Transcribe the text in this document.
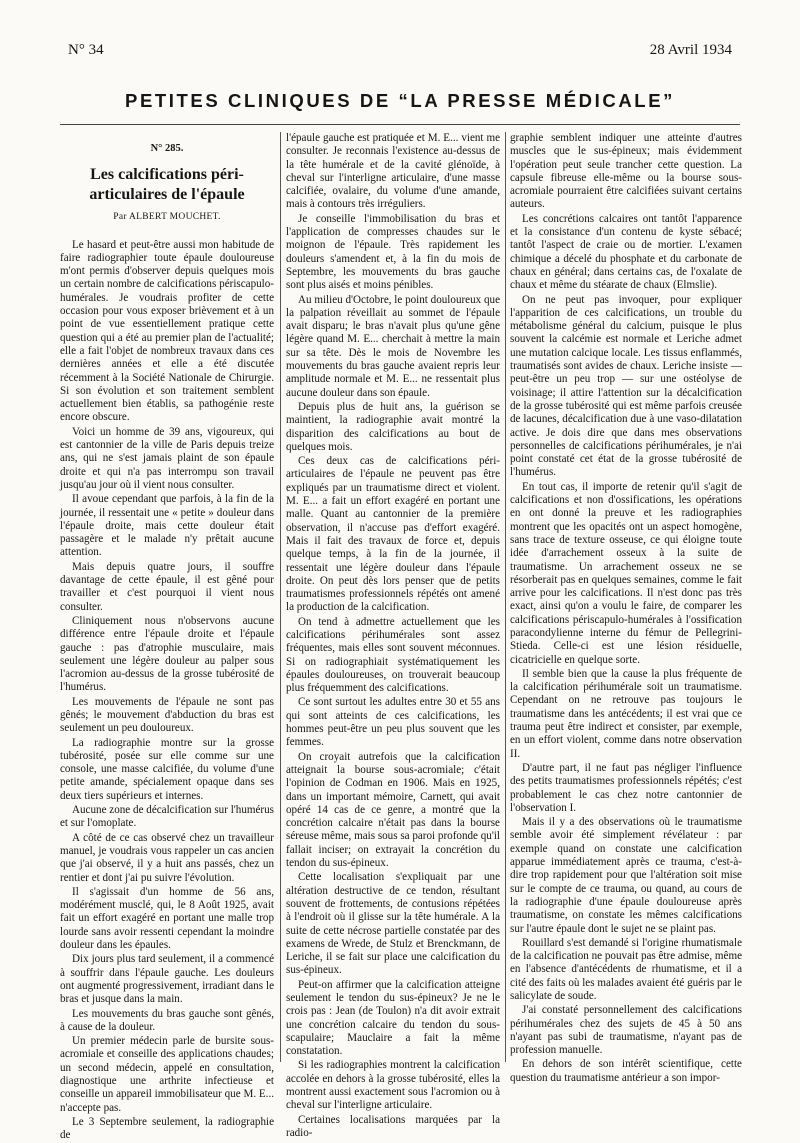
N° 34	28 Avril 1934
PETITES CLINIQUES DE “LA PRESSE MÉDICALE”
N° 285.
Les calcifications péri-articulaires de l'épaule
Par ALBERT MOUCHET.

Le hasard et peut-être aussi mon habitude de faire radiographier toute épaule douloureuse m'ont permis d'observer depuis quelques mois un certain nombre de calcifications périscapulo-humérales. Je voudrais profiter de cette occasion pour vous exposer brièvement et à un point de vue essentiellement pratique cette question qui a été au premier plan de l'actualité; elle a fait l'objet de nombreux travaux dans ces dernières années et elle a été discutée récemment à la Société Nationale de Chirurgie. Si son évolution et son traitement semblent actuellement bien établis, sa pathogénie reste encore obscure.

Voici un homme de 39 ans, vigoureux, qui est cantonnier de la ville de Paris depuis treize ans, qui ne s'est jamais plaint de son épaule droite et qui n'a pas interrompu son travail jusqu'au jour où il vient nous consulter.

Il avoue cependant que parfois, à la fin de la journée, il ressentait une « petite » douleur dans l'épaule droite, mais cette douleur était passagère et le malade n'y prêtait aucune attention.

Mais depuis quatre jours, il souffre davantage de cette épaule, il est gêné pour travailler et c'est pourquoi il vient nous consulter.

Cliniquement nous n'observons aucune différence entre l'épaule droite et l'épaule gauche : pas d'atrophie musculaire, mais seulement une légère douleur au palper sous l'acromion au-dessus de la grosse tubérosité de l'humérus.

Les mouvements de l'épaule ne sont pas gênés; le mouvement d'abduction du bras est seulement un peu douloureux.

La radiographie montre sur la grosse tubérosité, posée sur elle comme sur une console, une masse calcifiée, du volume d'une petite amande, spécialement opaque dans ses deux tiers supérieurs et internes.

Aucune zone de décalcification sur l'humérus et sur l'omoplate.

A côté de ce cas observé chez un travailleur manuel, je voudrais vous rappeler un cas ancien que j'ai observé, il y a huit ans passés, chez un rentier et dont j'ai pu suivre l'évolution.

Il s'agissait d'un homme de 56 ans, modérément musclé, qui, le 8 Août 1925, avait fait un effort exagéré en portant une malle trop lourde sans avoir ressenti cependant la moindre douleur dans les épaules.

Dix jours plus tard seulement, il a commencé à souffrir dans l'épaule gauche. Les douleurs ont augmenté progressivement, irradiant dans le bras et jusque dans la main.

Les mouvements du bras gauche sont gênés, à cause de la douleur.

Un premier médecin parle de bursite sous-acromiale et conseille des applications chaudes; un second médecin, appelé en consultation, diagnostique une arthrite infectieuse et conseille un appareil immobilisateur que M. E... n'accepte pas.

Le 3 Septembre seulement, la radiographie de

l'épaule gauche est pratiquée et M. E... vient me consulter. Je reconnais l'existence au-dessus de la tête humérale et de la cavité glénoïde, à cheval sur l'interligne articulaire, d'une masse calcifiée, ovalaire, du volume d'une amande, mais à contours très irréguliers.

Je conseille l'immobilisation du bras et l'application de compresses chaudes sur le moignon de l'épaule. Très rapidement les douleurs s'amendent et, à la fin du mois de Septembre, les mouvements du bras gauche sont plus aisés et moins pénibles.

Au milieu d'Octobre, le point douloureux que la palpation réveillait au sommet de l'épaule avait disparu; le bras n'avait plus qu'une gêne légère quand M. E... cherchait à mettre la main sur sa tête. Dès le mois de Novembre les mouvements du bras gauche avaient repris leur amplitude normale et M. E... ne ressentait plus aucune douleur dans son épaule.

Depuis plus de huit ans, la guérison se maintient, la radiographie avait montré la disparition des calcifications au bout de quelques mois.

Ces deux cas de calcifications péri-articulaires de l'épaule ne peuvent pas être expliqués par un traumatisme direct et violent. M. E... a fait un effort exagéré en portant une malle. Quant au cantonnier de la première observation, il n'accuse pas d'effort exagéré. Mais il fait des travaux de force et, depuis quelque temps, à la fin de la journée, il ressentait une légère douleur dans l'épaule droite. On peut dès lors penser que de petits traumatismes professionnels répétés ont amené la production de la calcification.

On tend à admettre actuellement que les calcifications périhumérales sont assez fréquentes, mais elles sont souvent méconnues. Si on radiographiait systématiquement les épaules douloureuses, on trouverait beaucoup plus fréquemment des calcifications.

Ce sont surtout les adultes entre 30 et 55 ans qui sont atteints de ces calcifications, les hommes peut-être un peu plus souvent que les femmes.

On croyait autrefois que la calcification atteignait la bourse sous-acromiale; c'était l'opinion de Codman en 1906. Mais en 1925, dans un important mémoire, Carnett, qui avait opéré 14 cas de ce genre, a montré que la concrétion calcaire n'était pas dans la bourse séreuse même, mais sous sa paroi profonde qu'il fallait inciser; on extrayait la concrétion du tendon du sus-épineux.

Cette localisation s'expliquait par une altération destructive de ce tendon, résultant souvent de frottements, de contusions répétées à l'endroit où il glisse sur la tête humérale. A la suite de cette nécrose partielle constatée par des examens de Wrede, de Stulz et Brenckmann, de Leriche, il se fait sur place une calcification du sus-épineux.

Peut-on affirmer que la calcification atteigne seulement le tendon du sus-épineux? Je ne le crois pas : Jean (de Toulon) n'a dit avoir extrait une concrétion calcaire du tendon du sous-scapulaire; Mauclaire a fait la même constatation.

Si les radiographies montrent la calcification accolée en dehors à la grosse tubérosité, elles la montrent aussi exactement sous l'acromion ou à cheval sur l'interligne articulaire.

Certaines localisations marquées par la radio-

graphie semblent indiquer une atteinte d'autres muscles que le sus-épineux; mais évidemment l'opération peut seule trancher cette question. La capsule fibreuse elle-même ou la bourse sous-acromiale pourraient être calcifiées suivant certains auteurs.

Les concrétions calcaires ont tantôt l'apparence et la consistance d'un contenu de kyste sébacé; tantôt l'aspect de craie ou de mortier. L'examen chimique a décelé du phosphate et du carbonate de chaux en général; dans certains cas, de l'oxalate de chaux et même du stéarate de chaux (Elmslie).

On ne peut pas invoquer, pour expliquer l'apparition de ces calcifications, un trouble du métabolisme général du calcium, puisque le plus souvent la calcémie est normale et Leriche admet une mutation calcique locale. Les tissus enflammés, traumatisés sont avides de chaux. Leriche insiste — peut-être un peu trop — sur une ostéolyse de voisinage; il attire l'attention sur la décalcification de la grosse tubérosité qui est même parfois creusée de lacunes, décalcification due à une vaso-dilatation active. Je dois dire que dans mes observations personnelles de calcifications périhumérales, je n'ai point constaté cet état de la grosse tubérosité de l'humérus.

En tout cas, il importe de retenir qu'il s'agit de calcifications et non d'ossifications, les opérations en ont donné la preuve et les radiographies montrent que les opacités ont un aspect homogène, sans trace de texture osseuse, ce qui éloigne toute idée d'arrachement osseux à la suite de traumatisme. Un arrachement osseux ne se résorberait pas en quelques semaines, comme le fait arrive pour les calcifications. Il n'est donc pas très exact, ainsi qu'on a voulu le faire, de comparer les calcifications périscapulo-humérales à l'ossification paracondylienne interne du fémur de Pellegrini-Stieda. Celle-ci est une lésion résiduelle, cicatricielle en quelque sorte.

Il semble bien que la cause la plus fréquente de la calcification périhumérale soit un traumatisme. Cependant on ne retrouve pas toujours le traumatisme dans les antécédents; il est vrai que ce trauma peut être indirect et consister, par exemple, en un effort violent, comme dans notre observation II.

D'autre part, il ne faut pas négliger l'influence des petits traumatismes professionnels répétés; c'est probablement le cas chez notre cantonnier de l'observation I.

Mais il y a des observations où le traumatisme semble avoir été simplement révélateur : par exemple quand on constate une calcification apparue immédiatement après ce trauma, c'est-à-dire trop rapidement pour que l'altération soit mise sur le compte de ce trauma, ou quand, au cours de la radiographie d'une épaule douloureuse après traumatisme, on constate les mêmes calcifications sur l'autre épaule dont le sujet ne se plaint pas.

Rouillard s'est demandé si l'origine rhumatismale de la calcification ne pouvait pas être admise, même en l'absence d'antécédents de rhumatisme, et il a cité des faits où les malades avaient été guéris par le salicylate de soude.

J'ai constaté personnellement des calcifications périhumérales chez des sujets de 45 à 50 ans n'ayant pas subi de traumatisme, n'ayant pas de profession manuelle.

En dehors de son intérêt scientifique, cette question du traumatisme antérieur a son impor-
